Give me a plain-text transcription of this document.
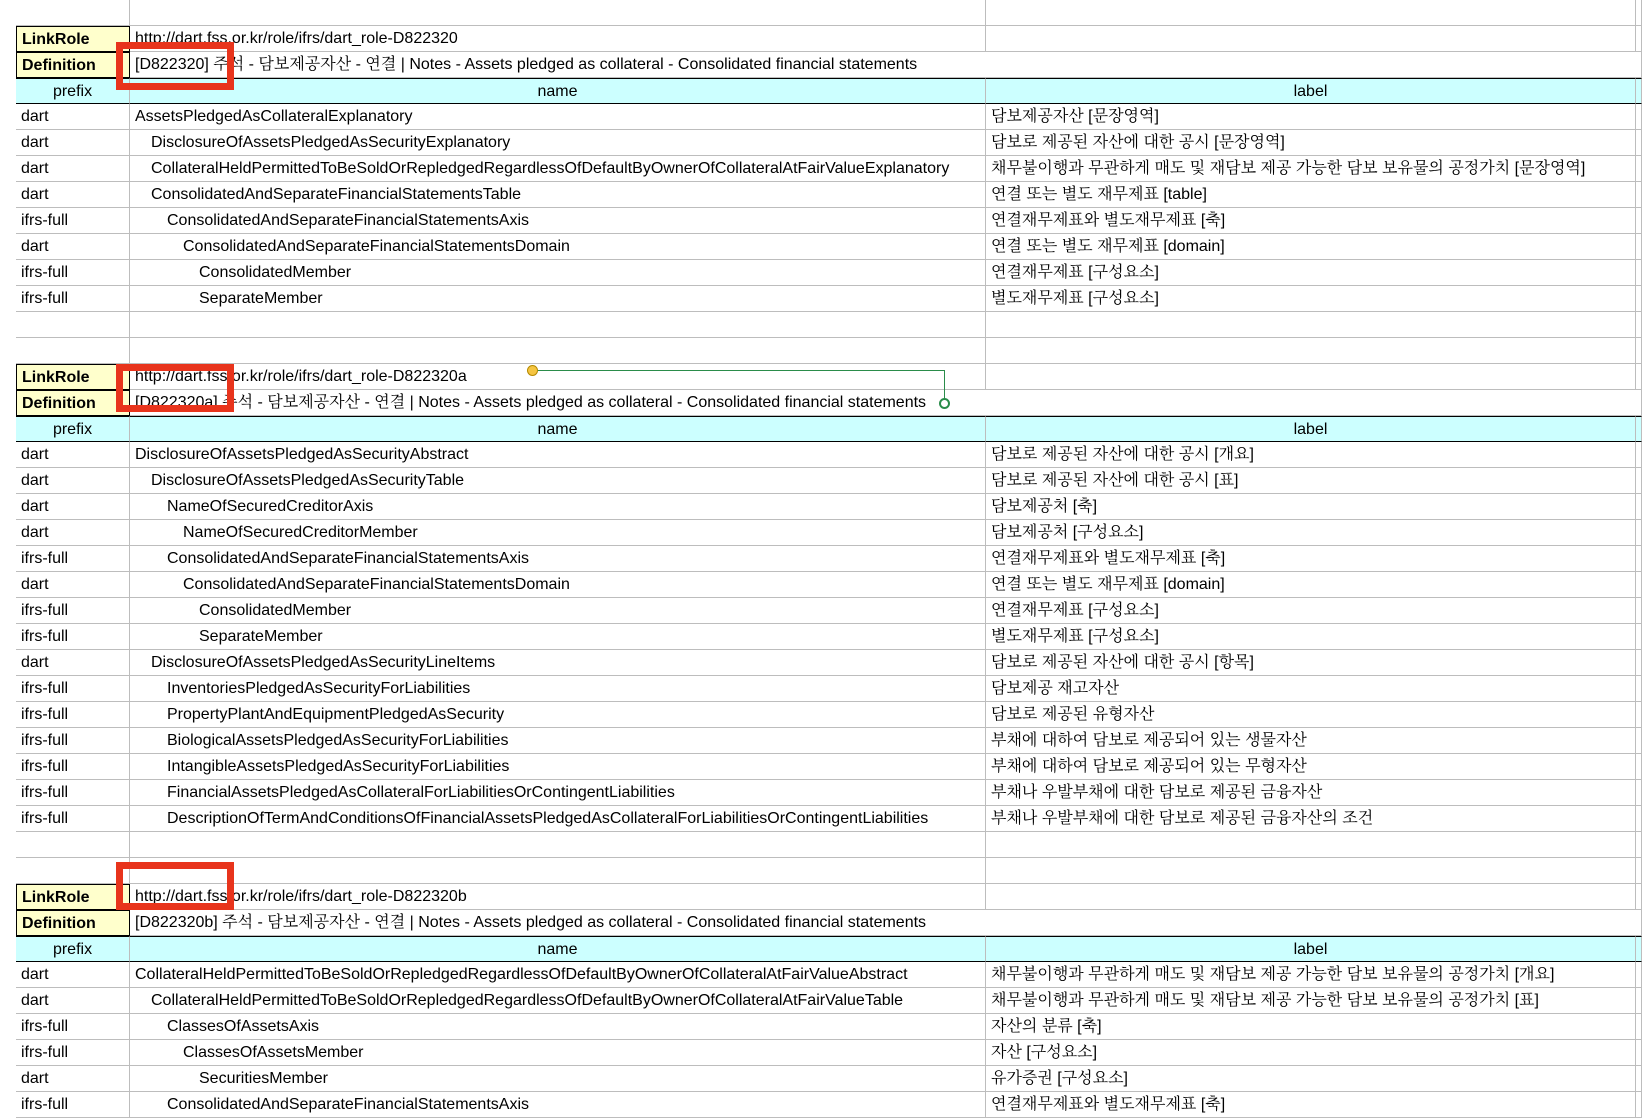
LinkRole	http://dart.fss.or.kr/role/ifrs/dart_role-D822320
Definition	[D822320] 주석 - 담보제공자산 - 연결 | Notes - Assets pledged as collateral - Consolidated financial statements
prefix	name	label
dart	AssetsPledgedAsCollateralExplanatory	담보제공자산 [문장영역]
dart	DisclosureOfAssetsPledgedAsSecurityExplanatory	담보로 제공된 자산에 대한 공시 [문장영역]
dart	CollateralHeldPermittedToBeSoldOrRepledgedRegardlessOfDefaultByOwnerOfCollateralAtFairValueExplanatory	채무불이행과 무관하게 매도 및 재담보 제공 가능한 담보 보유물의 공정가치 [문장영역]
dart	ConsolidatedAndSeparateFinancialStatementsTable	연결 또는 별도 재무제표 [table]
ifrs-full	ConsolidatedAndSeparateFinancialStatementsAxis	연결재무제표와 별도재무제표 [축]
dart	ConsolidatedAndSeparateFinancialStatementsDomain	연결 또는 별도 재무제표 [domain]
ifrs-full	ConsolidatedMember	연결재무제표 [구성요소]
ifrs-full	SeparateMember	별도재무제표 [구성요소]
LinkRole	http://dart.fss.or.kr/role/ifrs/dart_role-D822320a
Definition	[D822320a] 주석 - 담보제공자산 - 연결 | Notes - Assets pledged as collateral - Consolidated financial statements
prefix	name	label
dart	DisclosureOfAssetsPledgedAsSecurityAbstract	담보로 제공된 자산에 대한 공시 [개요]
dart	DisclosureOfAssetsPledgedAsSecurityTable	담보로 제공된 자산에 대한 공시 [표]
dart	NameOfSecuredCreditorAxis	담보제공처 [축]
dart	NameOfSecuredCreditorMember	담보제공처 [구성요소]
ifrs-full	ConsolidatedAndSeparateFinancialStatementsAxis	연결재무제표와 별도재무제표 [축]
dart	ConsolidatedAndSeparateFinancialStatementsDomain	연결 또는 별도 재무제표 [domain]
ifrs-full	ConsolidatedMember	연결재무제표 [구성요소]
ifrs-full	SeparateMember	별도재무제표 [구성요소]
dart	DisclosureOfAssetsPledgedAsSecurityLineItems	담보로 제공된 자산에 대한 공시 [항목]
ifrs-full	InventoriesPledgedAsSecurityForLiabilities	담보제공 재고자산
ifrs-full	PropertyPlantAndEquipmentPledgedAsSecurity	담보로 제공된 유형자산
ifrs-full	BiologicalAssetsPledgedAsSecurityForLiabilities	부채에 대하여 담보로 제공되어 있는 생물자산
ifrs-full	IntangibleAssetsPledgedAsSecurityForLiabilities	부채에 대하여 담보로 제공되어 있는 무형자산
ifrs-full	FinancialAssetsPledgedAsCollateralForLiabilitiesOrContingentLiabilities	부채나 우발부채에 대한 담보로 제공된 금융자산
ifrs-full	DescriptionOfTermAndConditionsOfFinancialAssetsPledgedAsCollateralForLiabilitiesOrContingentLiabilities	부채나 우발부채에 대한 담보로 제공된 금융자산의 조건
LinkRole	http://dart.fss.or.kr/role/ifrs/dart_role-D822320b
Definition	[D822320b] 주석 - 담보제공자산 - 연결 | Notes - Assets pledged as collateral - Consolidated financial statements
prefix	name	label
dart	CollateralHeldPermittedToBeSoldOrRepledgedRegardlessOfDefaultByOwnerOfCollateralAtFairValueAbstract	채무불이행과 무관하게 매도 및 재담보 제공 가능한 담보 보유물의 공정가치 [개요]
dart	CollateralHeldPermittedToBeSoldOrRepledgedRegardlessOfDefaultByOwnerOfCollateralAtFairValueTable	채무불이행과 무관하게 매도 및 재담보 제공 가능한 담보 보유물의 공정가치 [표]
ifrs-full	ClassesOfAssetsAxis	자산의 분류 [축]
ifrs-full	ClassesOfAssetsMember	자산 [구성요소]
dart	SecuritiesMember	유가증권 [구성요소]
ifrs-full	ConsolidatedAndSeparateFinancialStatementsAxis	연결재무제표와 별도재무제표 [축]
